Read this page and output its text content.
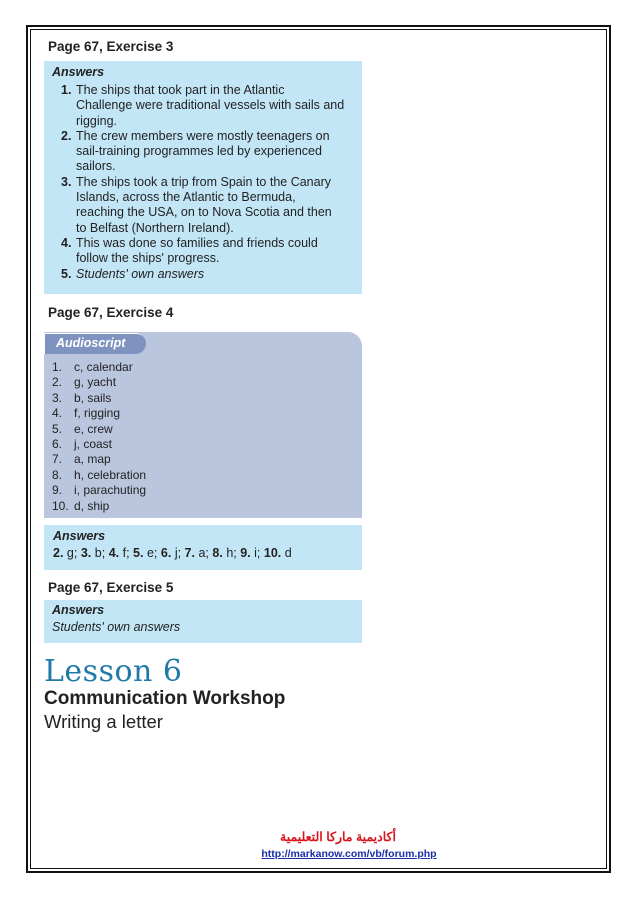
Page 67, Exercise 3
Answers
1. The ships that took part in the Atlantic
Challenge were traditional vessels with sails and
rigging.
2. The crew members were mostly teenagers on
sail-training programmes led by experienced
sailors.
3. The ships took a trip from Spain to the Canary
Islands, across the Atlantic to Bermuda,
reaching the USA, on to Nova Scotia and then
to Belfast (Northern Ireland).
4. This was done so families and friends could
follow the ships' progress.
5. Students' own answers
Page 67, Exercise 4
Audioscript
1. c, calendar
2. g, yacht
3. b, sails
4. f, rigging
5. e, crew
6. j, coast
7. a, map
8. h, celebration
9. i, parachuting
10. d, ship
Answers
2. g; 3. b; 4. f; 5. e; 6. j; 7. a; 8. h; 9. i; 10. d
Page 67, Exercise 5
Answers
Students' own answers
Lesson 6
Communication Workshop
Writing a letter
أكاديمية ماركا التعليمية
http://markanow.com/vb/forum.php
